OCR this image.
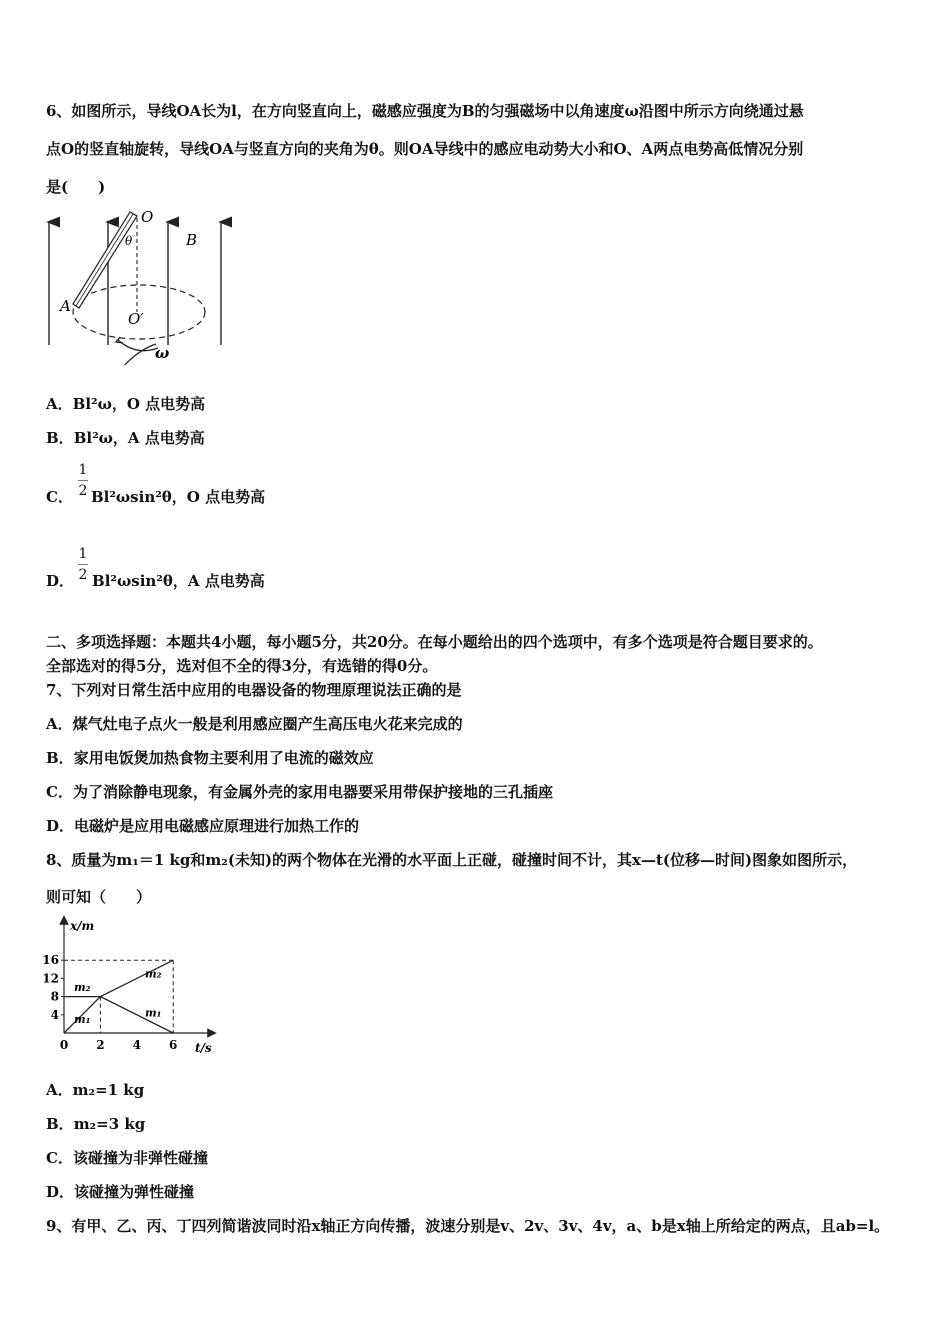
6、如图所示，导线OA长为l，在方向竖直向上，磁感应强度为B的匀强磁场中以角速度ω沿图中所示方向绕通过悬
点O的竖直轴旋转，导线OA与竖直方向的夹角为θ。则OA导线中的感应电动势大小和O、A两点电势高低情况分别
是(　　)
O
A
B
θ
O′
ω
A．Bl²ω，O 点电势高
B．Bl²ω，A 点电势高
1
2
C． Bl²ωsin²θ，O 点电势高
1
2
D． Bl²ωsin²θ，A 点电势高
二、多项选择题：本题共4小题，每小题5分，共20分。在每小题给出的四个选项中，有多个选项是符合题目要求的。
全部选对的得5分，选对但不全的得3分，有选错的得0分。
7、下列对日常生活中应用的电器设备的物理原理说法正确的是
A．煤气灶电子点火一般是利用感应圈产生高压电火花来完成的
B．家用电饭煲加热食物主要利用了电流的磁效应
C．为了消除静电现象，有金属外壳的家用电器要采用带保护接地的三孔插座
D．电磁炉是应用电磁感应原理进行加热工作的
8、质量为m₁＝1 kg和m₂(未知)的两个物体在光滑的水平面上正碰，碰撞时间不计，其x—t(位移—时间)图象如图所示，
则可知（　　）
4
8
12
16
0 2 4 6
m₂
m₁
m₂
m₁
x/m
t/s
A．m₂=1 kg
B．m₂=3 kg
C．该碰撞为非弹性碰撞
D．该碰撞为弹性碰撞
9、有甲、乙、丙、丁四列简谐波同时沿x轴正方向传播，波速分别是v、2v、3v、4v，a、b是x轴上所给定的两点，且ab=l。
